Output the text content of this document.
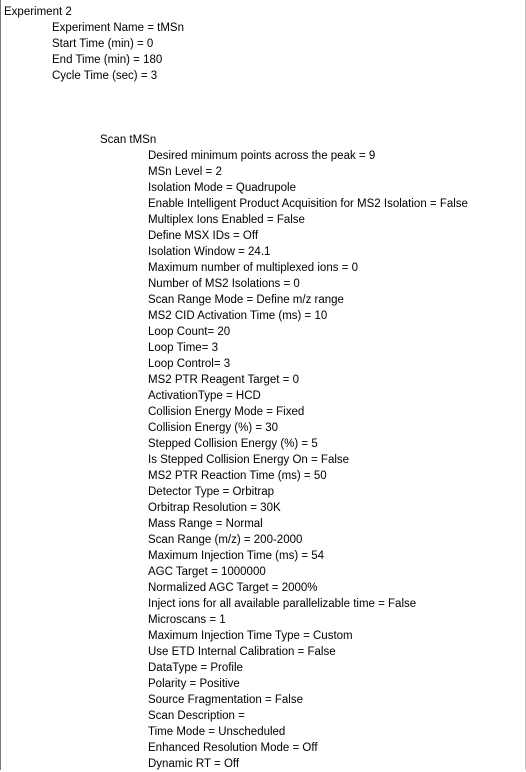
Experiment 2
Experiment Name = tMSn
Start Time (min) = 0
End Time (min) = 180
Cycle Time (sec) = 3
Scan tMSn
Desired minimum points across the peak = 9
MSn Level = 2
Isolation Mode = Quadrupole
Enable Intelligent Product Acquisition for MS2 Isolation = False
Multiplex Ions Enabled = False
Define MSX IDs = Off
Isolation Window = 24.1
Maximum number of multiplexed ions = 0
Number of MS2 Isolations = 0
Scan Range Mode = Define m/z range
MS2 CID Activation Time (ms) = 10
Loop Count= 20
Loop Time= 3
Loop Control= 3
MS2 PTR Reagent Target = 0
ActivationType = HCD
Collision Energy Mode = Fixed
Collision Energy (%) = 30
Stepped Collision Energy (%) = 5
Is Stepped Collision Energy On = False
MS2 PTR Reaction Time (ms) = 50
Detector Type = Orbitrap
Orbitrap Resolution = 30K
Mass Range = Normal
Scan Range (m/z) = 200-2000
Maximum Injection Time (ms) = 54
AGC Target = 1000000
Normalized AGC Target = 2000%
Inject ions for all available parallelizable time = False
Microscans = 1
Maximum Injection Time Type = Custom
Use ETD Internal Calibration = False
DataType = Profile
Polarity = Positive
Source Fragmentation = False
Scan Description =
Time Mode = Unscheduled
Enhanced Resolution Mode = Off
Dynamic RT = Off
